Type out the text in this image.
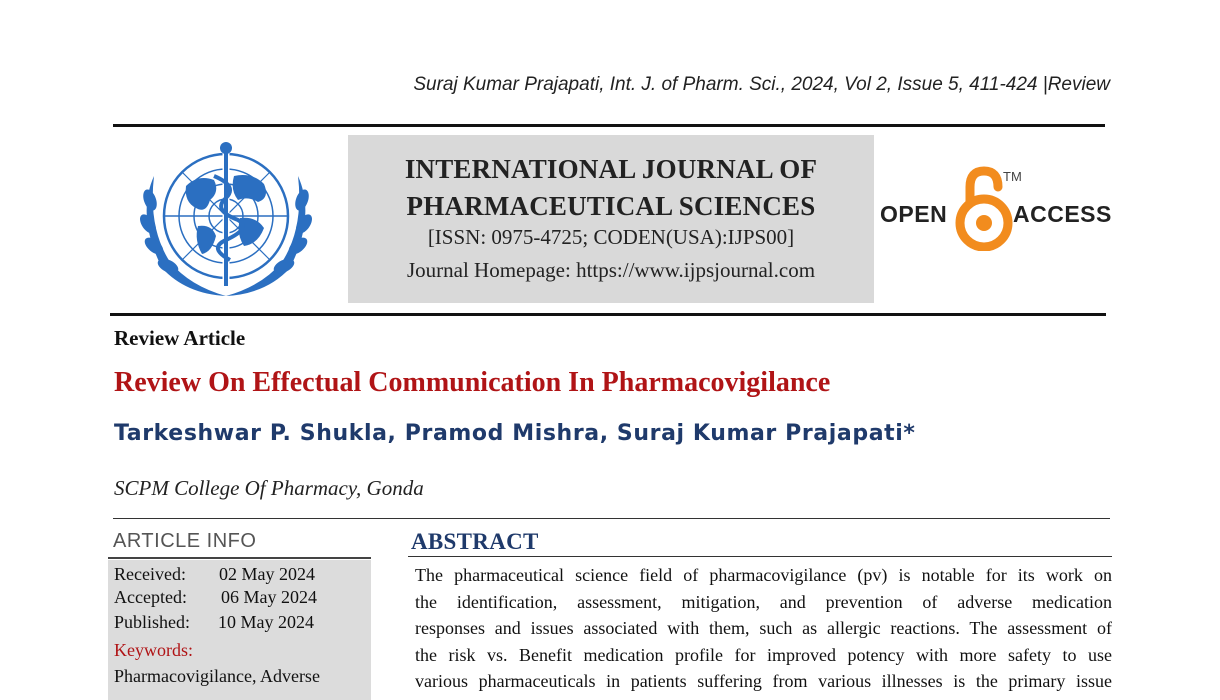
Suraj Kumar Prajapati, Int. J. of Pharm. Sci., 2024, Vol 2, Issue 5, 411-424 |Review
INTERNATIONAL JOURNAL OF
PHARMACEUTICAL SCIENCES
[ISSN: 0975-4725; CODEN(USA):IJPS00]
Journal Homepage: https://www.ijpsjournal.com
OPEN
TM
ACCESS
Review Article
Review On Effectual Communication In Pharmacovigilance
Tarkeshwar P. Shukla, Pramod Mishra, Suraj Kumar Prajapati*
SCPM College Of Pharmacy, Gonda
ARTICLE INFO
Received: 02 May 2024
Accepted: 06 May 2024
Published: 10 May 2024
Keywords:
Pharmacovigilance, Adverse
ABSTRACT
The pharmaceutical science field of pharmacovigilance (pv) is notable for its work on
the identification, assessment, mitigation, and prevention of adverse medication
responses and issues associated with them, such as allergic reactions. The assessment of
the risk vs. Benefit medication profile for improved potency with more safety to use
various pharmaceuticals in patients suffering from various illnesses is the primary issue
